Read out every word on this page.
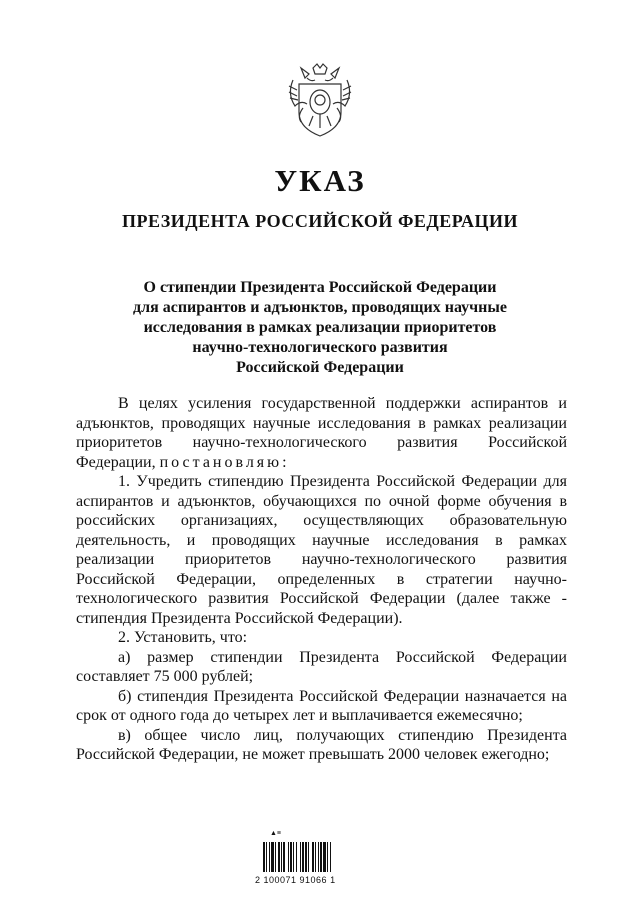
УКАЗ
ПРЕЗИДЕНТА РОССИЙСКОЙ ФЕДЕРАЦИИ
О стипендии Президента Российской Федерации
для аспирантов и адъюнктов, проводящих научные
исследования в рамках реализации приоритетов
научно-технологического развития
Российской Федерации

В целях усиления государственной поддержки аспирантов и адъюнктов, проводящих научные исследования в рамках реализации приоритетов научно-технологического развития Российской Федерации, постановляю:

1. Учредить стипендию Президента Российской Федерации для аспирантов и адъюнктов, обучающихся по очной форме обучения в российских организациях, осуществляющих образовательную деятельность, и проводящих научные исследования в рамках реализации приоритетов научно-технологического развития Российской Федерации, определенных в стратегии научно-технологического развития Российской Федерации (далее также - стипендия Президента Российской Федерации).

2. Установить, что:

а) размер стипендии Президента Российской Федерации составляет 75 000 рублей;

б) стипендия Президента Российской Федерации назначается на срок от одного года до четырех лет и выплачивается ежемесячно;

в) общее число лиц, получающих стипендию Президента Российской Федерации, не может превышать 2000 человек ежегодно;

▲≡
2 100071 91066 1
